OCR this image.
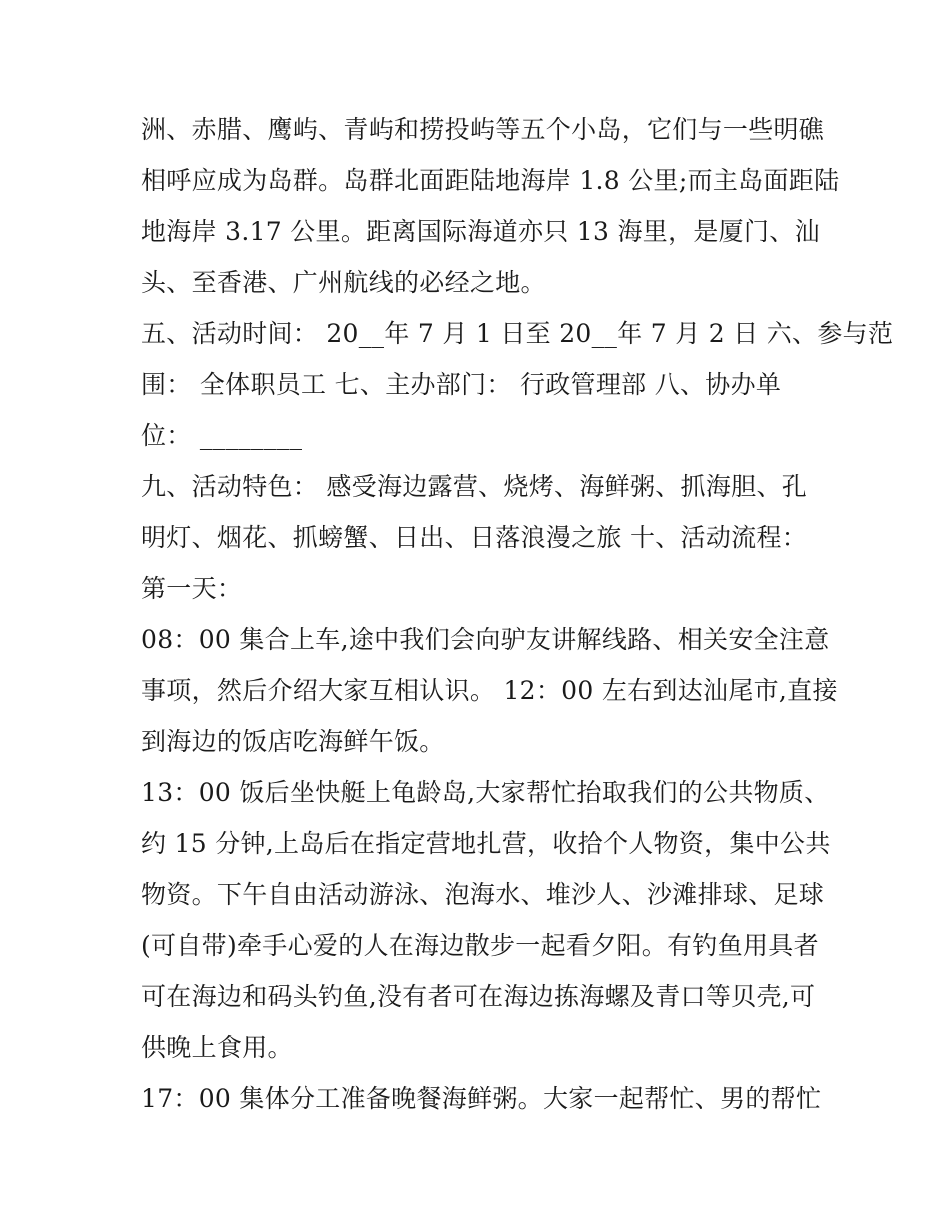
洲、赤腊、鹰屿、青屿和捞投屿等五个小岛，它们与一些明礁
相呼应成为岛群。岛群北面距陆地海岸 1.8 公里;而主岛面距陆
地海岸 3.17 公里。距离国际海道亦只 13 海里，是厦门、汕
头、至香港、广州航线的必经之地。
五、活动时间： 20__年 7 月 1 日至 20__年 7 月 2 日 六、参与范
围： 全体职员工 七、主办部门： 行政管理部 八、协办单
位： ________
九、活动特色： 感受海边露营、烧烤、海鲜粥、抓海胆、孔
明灯、烟花、抓螃蟹、日出、日落浪漫之旅 十、活动流程：
第一天：
08：00 集合上车,途中我们会向驴友讲解线路、相关安全注意
事项，然后介绍大家互相认识。 12：00 左右到达汕尾市,直接
到海边的饭店吃海鲜午饭。
13：00 饭后坐快艇上龟龄岛,大家帮忙抬取我们的公共物质、
约 15 分钟,上岛后在指定营地扎营，收拾个人物资，集中公共
物资。下午自由活动游泳、泡海水、堆沙人、沙滩排球、足球
(可自带)牵手心爱的人在海边散步一起看夕阳。有钓鱼用具者
可在海边和码头钓鱼,没有者可在海边拣海螺及青口等贝壳,可
供晚上食用。
17：00 集体分工准备晚餐海鲜粥。大家一起帮忙、男的帮忙
